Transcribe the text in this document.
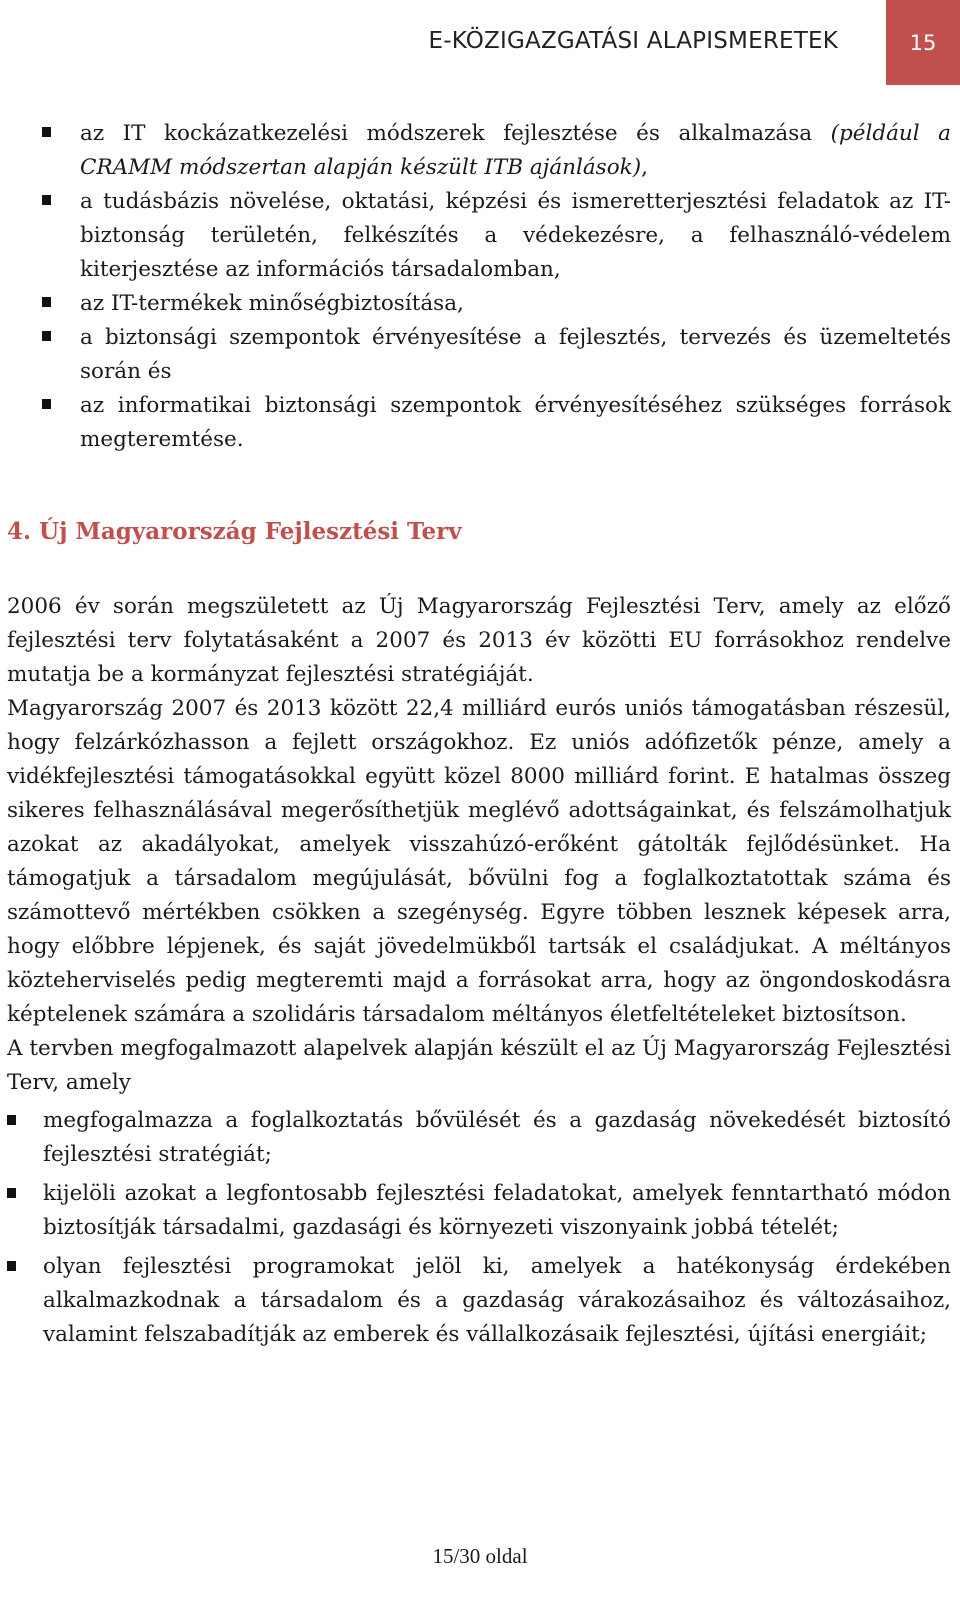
E-KÖZIGAZGATÁSI ALAPISMERETEK	15
az IT kockázatkezelési módszerek fejlesztése és alkalmazása (például a CRAMM módszertan alapján készült ITB ajánlások),
a tudásbázis növelése, oktatási, képzési és ismeretterjesztési feladatok az IT- biztonság területén, felkészítés a védekezésre, a felhasználó-védelem kiterjesztése az információs társadalomban,
az IT-termékek minőségbiztosítása,
a biztonsági szempontok érvényesítése a fejlesztés, tervezés és üzemeltetés során és
az informatikai biztonsági szempontok érvényesítéséhez szükséges források megteremtése.
4. Új Magyarország Fejlesztési Terv

2006 év során megszületett az Új Magyarország Fejlesztési Terv, amely az előző fejlesztési terv folytatásaként a 2007 és 2013 év közötti EU forrásokhoz rendelve mutatja be a kormányzat fejlesztési stratégiáját.

Magyarország 2007 és 2013 között 22,4 milliárd eurós uniós támogatásban részesül, hogy felzárkózhasson a fejlett országokhoz. Ez uniós adófizetők pénze, amely a vidékfejlesztési támogatásokkal együtt közel 8000 milliárd forint. E hatalmas összeg sikeres felhasználásával megerősíthetjük meglévő adottságainkat, és felszámolhatjuk azokat az akadályokat, amelyek visszahúzó-erőként gátolták fejlődésünket. Ha támogatjuk a társadalom megújulását, bővülni fog a foglalkoztatottak száma és számottevő mértékben csökken a szegénység. Egyre többen lesznek képesek arra, hogy előbbre lépjenek, és saját jövedelmükből tartsák el családjukat. A méltányos közteherviselés pedig megteremti majd a forrásokat arra, hogy az öngondoskodásra képtelenek számára a szolidáris társadalom méltányos életfeltételeket biztosítson.

A tervben megfogalmazott alapelvek alapján készült el az Új Magyarország Fejlesztési Terv, amely

megfogalmazza a foglalkoztatás bővülését és a gazdaság növekedését biztosító fejlesztési stratégiát;
kijelöli azokat a legfontosabb fejlesztési feladatokat, amelyek fenntartható módon biztosítják társadalmi, gazdasági és környezeti viszonyaink jobbá tételét;
olyan fejlesztési programokat jelöl ki, amelyek a hatékonyság érdekében alkalmazkodnak a társadalom és a gazdaság várakozásaihoz és változásaihoz, valamint felszabadítják az emberek és vállalkozásaik fejlesztési, újítási energiáit;
15/30 oldal
